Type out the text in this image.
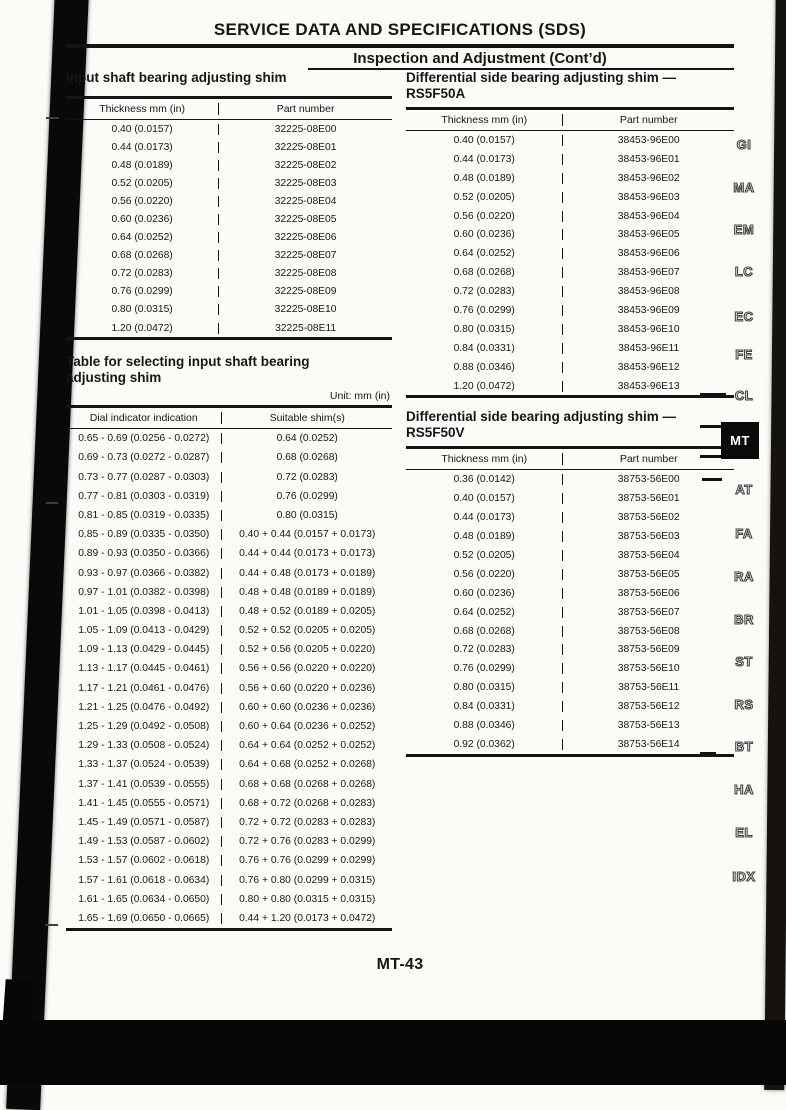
SERVICE DATA AND SPECIFICATIONS (SDS)
Inspection and Adjustment (Cont’d)
Input shaft bearing adjusting shim
Thickness mm (in)	Part number
0.40 (0.0157)	32225-08E00
0.44 (0.0173)	32225-08E01
0.48 (0.0189)	32225-08E02
0.52 (0.0205)	32225-08E03
0.56 (0.0220)	32225-08E04
0.60 (0.0236)	32225-08E05
0.64 (0.0252)	32225-08E06
0.68 (0.0268)	32225-08E07
0.72 (0.0283)	32225-08E08
0.76 (0.0299)	32225-08E09
0.80 (0.0315)	32225-08E10
1.20 (0.0472)	32225-08E11
Table for selecting input shaft bearing
adjusting shim
Unit: mm (in)
Dial indicator indication	Suitable shim(s)
0.65 - 0.69 (0.0256 - 0.0272)	0.64 (0.0252)
0.69 - 0.73 (0.0272 - 0.0287)	0.68 (0.0268)
0.73 - 0.77 (0.0287 - 0.0303)	0.72 (0.0283)
0.77 - 0.81 (0.0303 - 0.0319)	0.76 (0.0299)
0.81 - 0.85 (0.0319 - 0.0335)	0.80 (0.0315)
0.85 - 0.89 (0.0335 - 0.0350)	0.40 + 0.44 (0.0157 + 0.0173)
0.89 - 0.93 (0.0350 - 0.0366)	0.44 + 0.44 (0.0173 + 0.0173)
0.93 - 0.97 (0.0366 - 0.0382)	0.44 + 0.48 (0.0173 + 0.0189)
0.97 - 1.01 (0.0382 - 0.0398)	0.48 + 0.48 (0.0189 + 0.0189)
1.01 - 1.05 (0.0398 - 0.0413)	0.48 + 0.52 (0.0189 + 0.0205)
1.05 - 1.09 (0.0413 - 0.0429)	0.52 + 0.52 (0.0205 + 0.0205)
1.09 - 1.13 (0.0429 - 0.0445)	0.52 + 0.56 (0.0205 + 0.0220)
1.13 - 1.17 (0.0445 - 0.0461)	0.56 + 0.56 (0.0220 + 0.0220)
1.17 - 1.21 (0.0461 - 0.0476)	0.56 + 0.60 (0.0220 + 0.0236)
1.21 - 1.25 (0.0476 - 0.0492)	0.60 + 0.60 (0.0236 + 0.0236)
1.25 - 1.29 (0.0492 - 0.0508)	0.60 + 0.64 (0.0236 + 0.0252)
1.29 - 1.33 (0.0508 - 0.0524)	0.64 + 0.64 (0.0252 + 0.0252)
1.33 - 1.37 (0.0524 - 0.0539)	0.64 + 0.68 (0.0252 + 0.0268)
1.37 - 1.41 (0.0539 - 0.0555)	0.68 + 0.68 (0.0268 + 0.0268)
1.41 - 1.45 (0.0555 - 0.0571)	0.68 + 0.72 (0.0268 + 0.0283)
1.45 - 1.49 (0.0571 - 0.0587)	0.72 + 0.72 (0.0283 + 0.0283)
1.49 - 1.53 (0.0587 - 0.0602)	0.72 + 0.76 (0.0283 + 0.0299)
1.53 - 1.57 (0.0602 - 0.0618)	0.76 + 0.76 (0.0299 + 0.0299)
1.57 - 1.61 (0.0618 - 0.0634)	0.76 + 0.80 (0.0299 + 0.0315)
1.61 - 1.65 (0.0634 - 0.0650)	0.80 + 0.80 (0.0315 + 0.0315)
1.65 - 1.69 (0.0650 - 0.0665)	0.44 + 1.20 (0.0173 + 0.0472)
Differential side bearing adjusting shim —
RS5F50A
Thickness mm (in)	Part number
0.40 (0.0157)	38453-96E00
0.44 (0.0173)	38453-96E01
0.48 (0.0189)	38453-96E02
0.52 (0.0205)	38453-96E03
0.56 (0.0220)	38453-96E04
0.60 (0.0236)	38453-96E05
0.64 (0.0252)	38453-96E06
0.68 (0.0268)	38453-96E07
0.72 (0.0283)	38453-96E08
0.76 (0.0299)	38453-96E09
0.80 (0.0315)	38453-96E10
0.84 (0.0331)	38453-96E11
0.88 (0.0346)	38453-96E12
1.20 (0.0472)	38453-96E13
Differential side bearing adjusting shim —
RS5F50V
Thickness mm (in)	Part number
0.36 (0.0142)	38753-56E00
0.40 (0.0157)	38753-56E01
0.44 (0.0173)	38753-56E02
0.48 (0.0189)	38753-56E03
0.52 (0.0205)	38753-56E04
0.56 (0.0220)	38753-56E05
0.60 (0.0236)	38753-56E06
0.64 (0.0252)	38753-56E07
0.68 (0.0268)	38753-56E08
0.72 (0.0283)	38753-56E09
0.76 (0.0299)	38753-56E10
0.80 (0.0315)	38753-56E11
0.84 (0.0331)	38753-56E12
0.88 (0.0346)	38753-56E13
0.92 (0.0362)	38753-56E14
GI
MA
EM
LC
EC
FE
CL
MT
AT
FA
RA
BR
ST
RS
BT
HA
EL
IDX
MT-43
